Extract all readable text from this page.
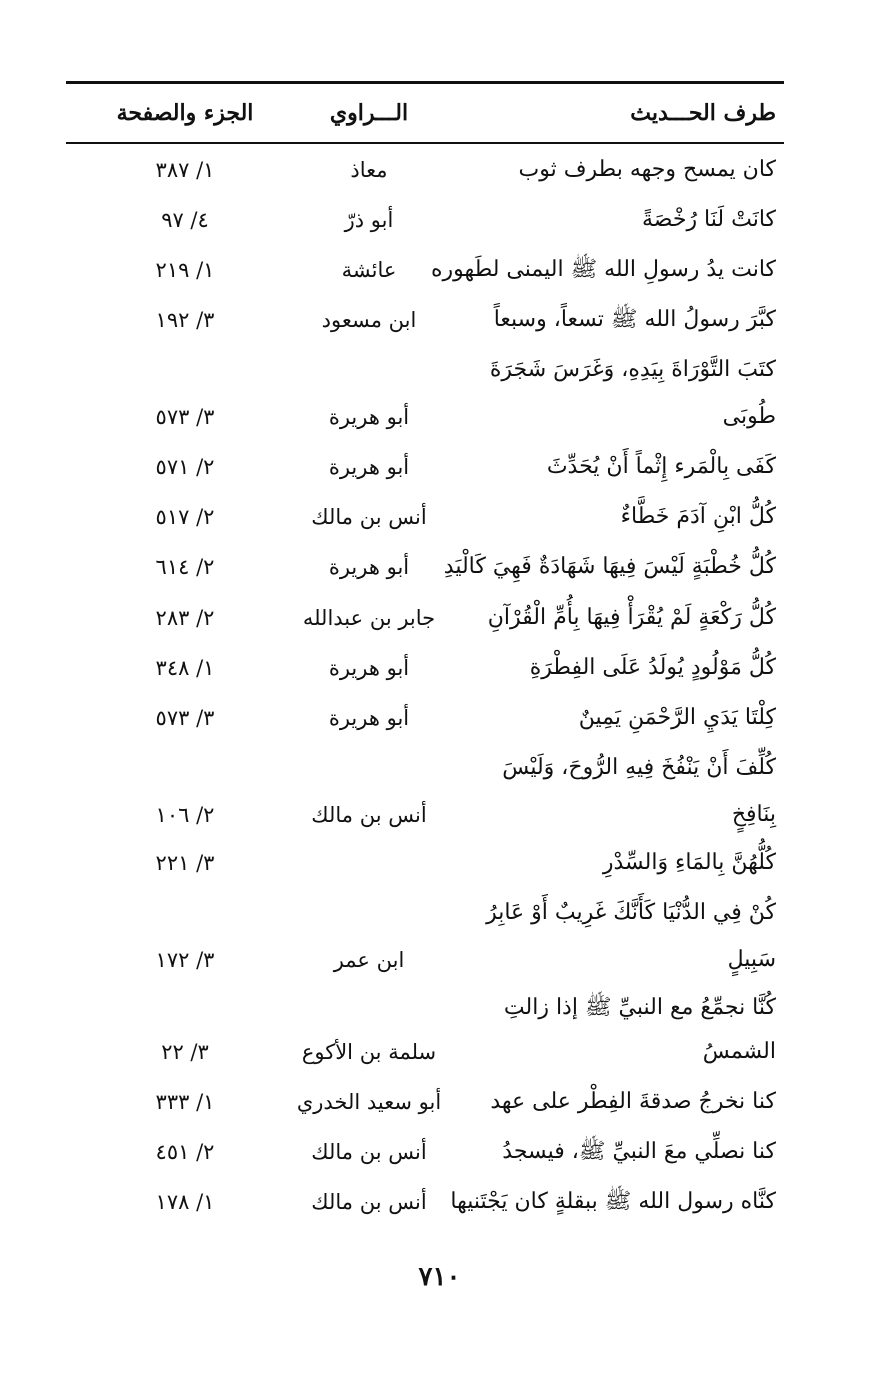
طرف الحـــديث
الـــراوي
الجزء والصفحة
كان يمسح وجهه بطرف ثوب
معاذ
١/ ٣٨٧
كانَتْ لَنَا رُخْصَةً
أبو ذرّ
٤/ ٩٧
كانت يدُ رسولِ الله ﷺ اليمنى لطَهوره
عائشة
١/ ٢١٩
كبَّرَ رسولُ الله ﷺ تسعاً، وسبعاً
ابن مسعود
٣/ ١٩٢
كتَبَ التَّوْرَاةَ بِيَدِهِ، وَغَرَسَ شَجَرَةَ
طُوبَى
أبو هريرة
٣/ ٥٧٣
كَفَى بِالْمَرء إِثْماً أَنْ يُحَدِّثَ
أبو هريرة
٢/ ٥٧١
كُلُّ ابْنِ آدَمَ خَطَّاءٌ
أنس بن مالك
٢/ ٥١٧
كُلُّ خُطْبَةٍ لَيْسَ فِيهَا شَهَادَةٌ فَهِيَ كَالْيَدِ
أبو هريرة
٢/ ٦١٤
كُلُّ رَكْعَةٍ لَمْ يُقْرَأْ فِيهَا بِأُمِّ الْقُرْآنِ
جابر بن عبدالله
٢/ ٢٨٣
كُلُّ مَوْلُودٍ يُولَدُ عَلَى الفِطْرَةِ
أبو هريرة
١/ ٣٤٨
كِلْتَا يَدَيِ الرَّحْمَنِ يَمِينٌ
أبو هريرة
٣/ ٥٧٣
كُلِّفَ أَنْ يَنْفُخَ فِيهِ الرُّوحَ، وَلَيْسَ
بِنَافِخٍ
أنس بن مالك
٢/ ١٠٦
كُلُّهُنَّ بِالمَاءِ وَالسِّدْرِ
٣/ ٢٢١
كُنْ فِي الدُّنْيَا كَأَنَّكَ غَرِيبٌ أَوْ عَابِرُ
سَبِيلٍ
ابن عمر
٣/ ١٧٢
كُنَّا نجمِّعُ مع النبيِّ ﷺ إذا زالتِ
الشمسُ
سلمة بن الأكوع
٣/ ٢٢
كنا نخرجُ صدقةَ الفِطْر على عهد
أبو سعيد الخدري
١/ ٣٣٣
كنا نصلِّي معَ النبيِّ ﷺ، فيسجدُ
أنس بن مالك
٢/ ٤٥١
كنَّاه رسول الله ﷺ ببقلةٍ كان يَجْتَنيها
أنس بن مالك
١/ ١٧٨
٧١٠
